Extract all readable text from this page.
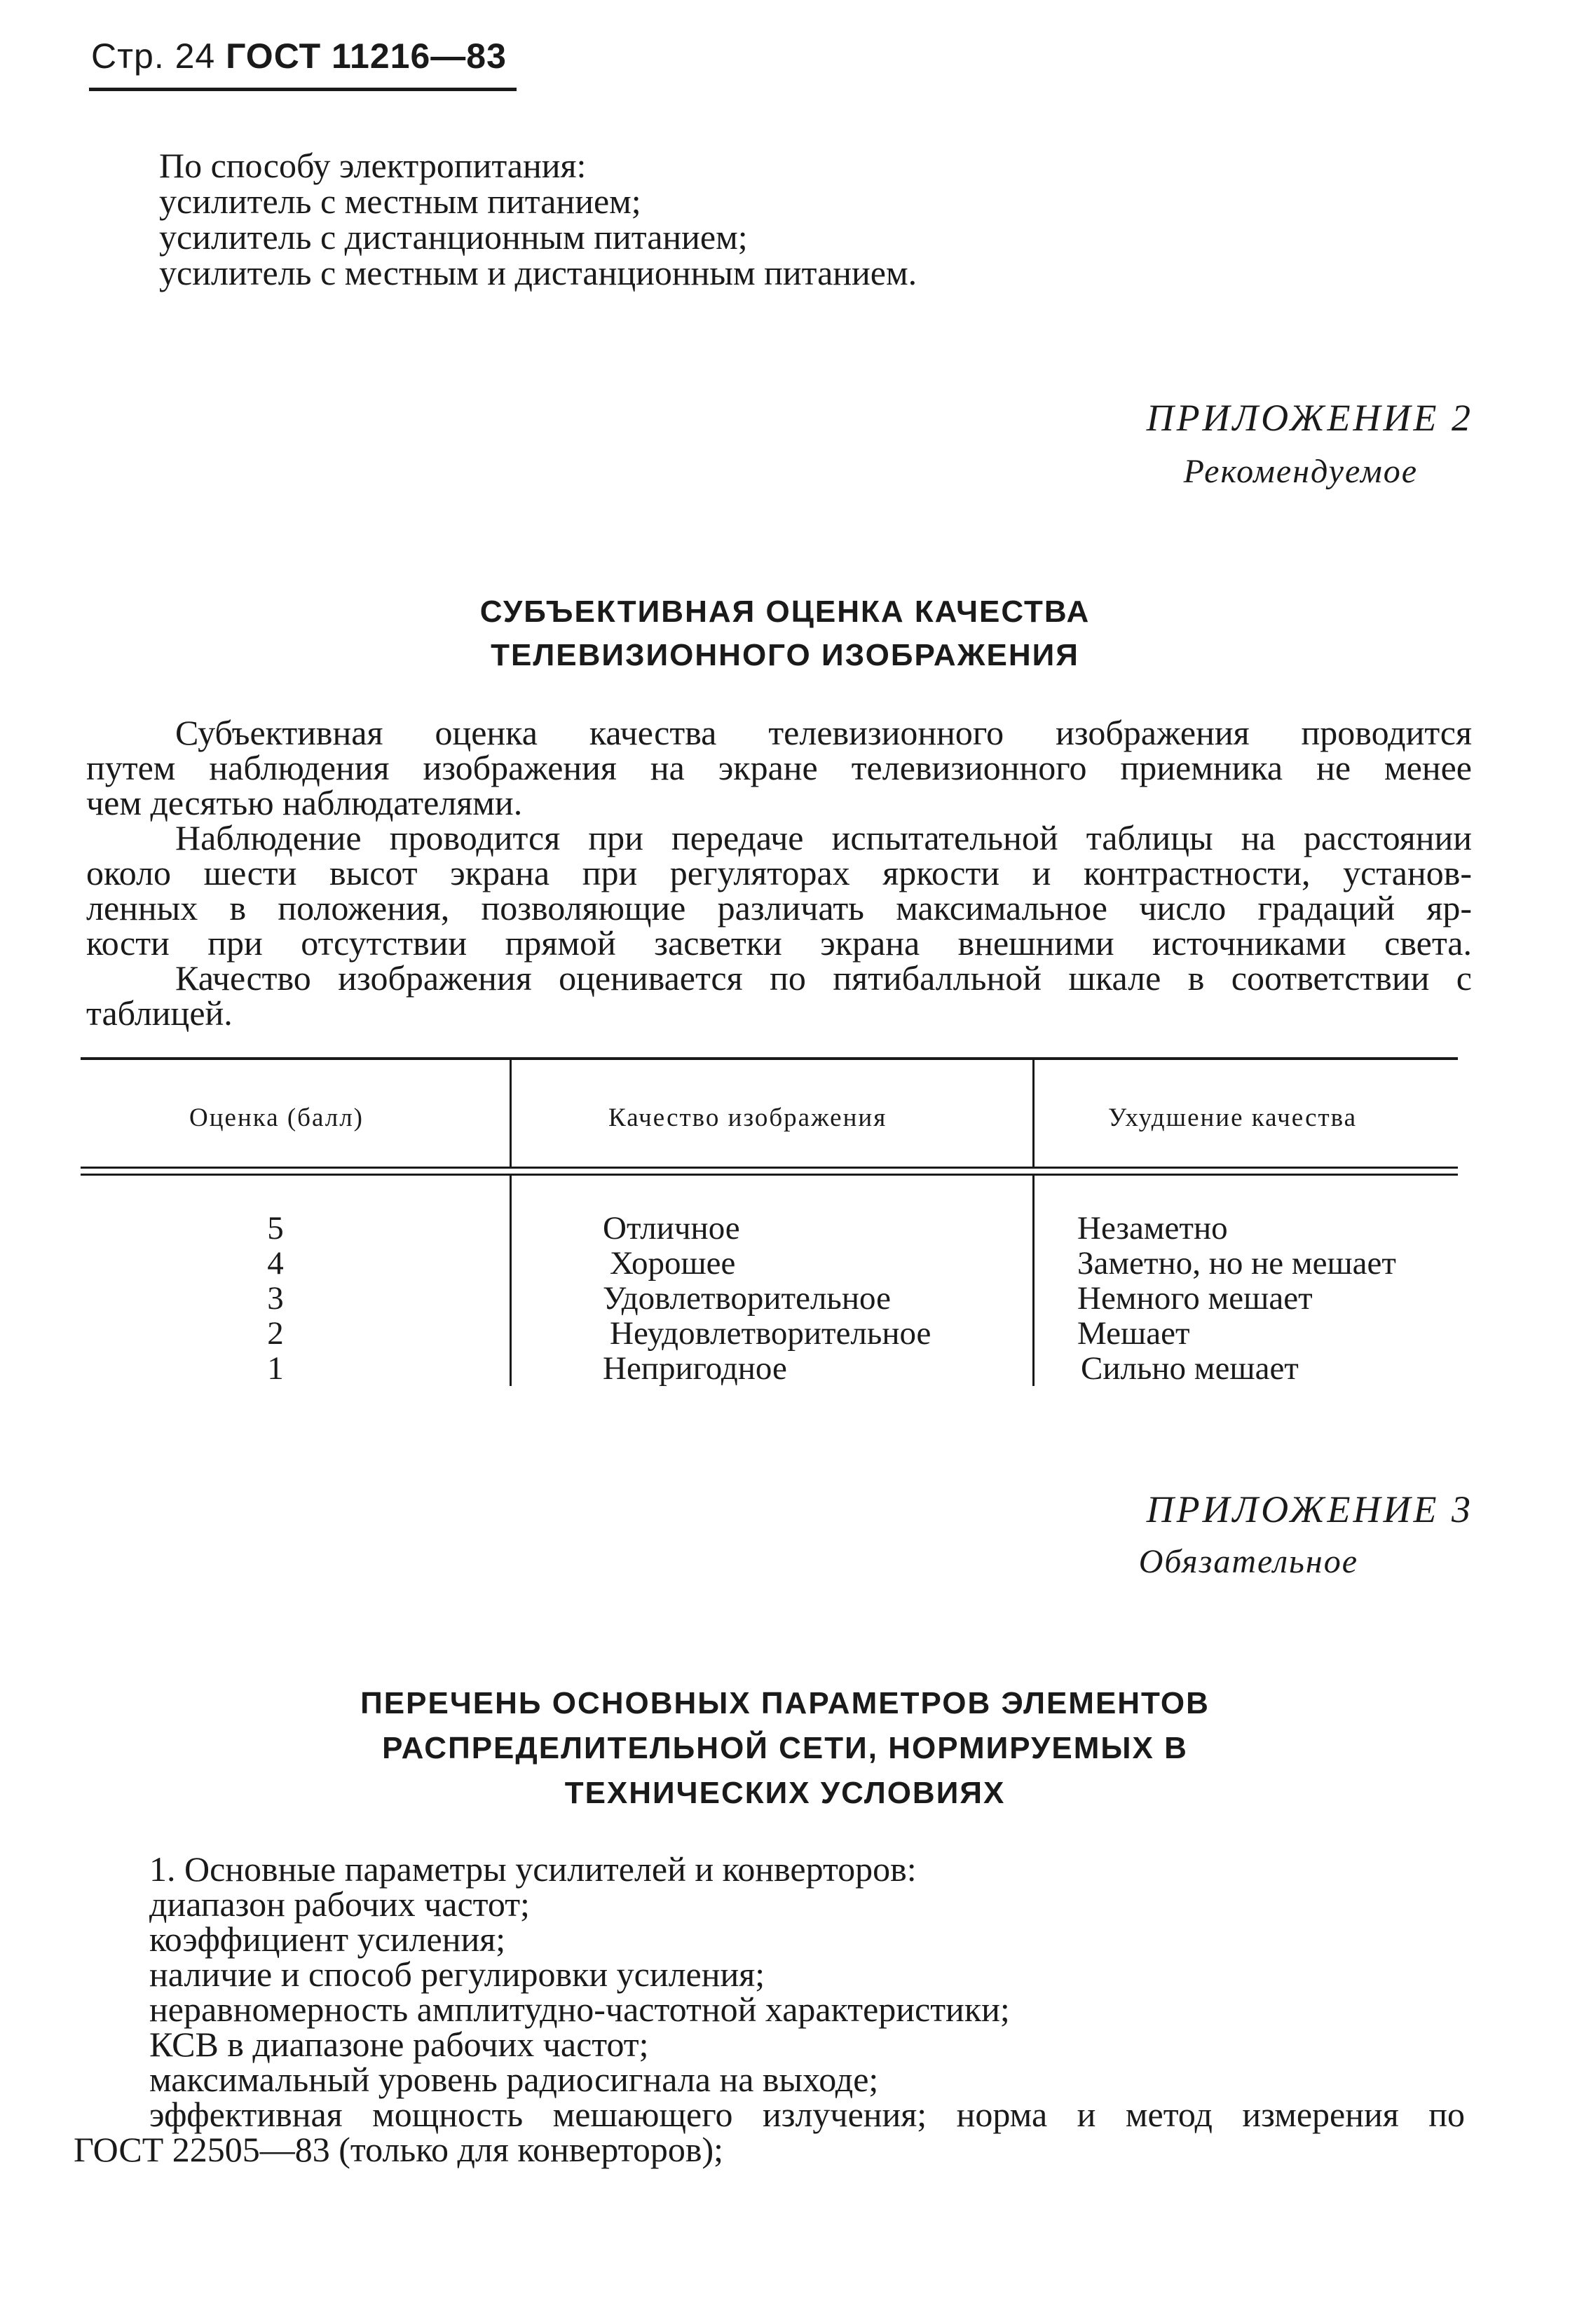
Стр. 24 ГОСТ 11216—83
По способу электропитания:
усилитель с местным питанием;
усилитель с дистанционным питанием;
усилитель с местным и дистанционным питанием.
ПРИЛОЖЕНИЕ 2
Рекомендуемое
СУБЪЕКТИВНАЯ ОЦЕНКА КАЧЕСТВА
ТЕЛЕВИЗИОННОГО ИЗОБРАЖЕНИЯ
Субъективная оценка качества телевизионного изображения проводится
путем наблюдения изображения на экране телевизионного приемника не менее
чем десятью наблюдателями.
Наблюдение проводится при передаче испытательной таблицы на расстоянии
около шести высот экрана при регуляторах яркости и контрастности, установ-
ленных в положения, позволяющие различать максимальное число градаций яр-
кости при отсутствии прямой засветки экрана внешними источниками света.
Качество изображения оценивается по пятибалльной шкале в соответствии с
таблицей.
Оценка (балл)	Качество изображения	Ухудшение качества
5	Отличное	Незаметно
4	Хорошее	Заметно, но не мешает
3	Удовлетворительное	Немного мешает
2	Неудовлетворительное	Мешает
1	Непригодное	Сильно мешает
ПРИЛОЖЕНИЕ 3
Обязательное
ПЕРЕЧЕНЬ ОСНОВНЫХ ПАРАМЕТРОВ ЭЛЕМЕНТОВ
РАСПРЕДЕЛИТЕЛЬНОЙ СЕТИ, НОРМИРУЕМЫХ В
ТЕХНИЧЕСКИХ УСЛОВИЯХ
1. Основные параметры усилителей и конверторов:
диапазон рабочих частот;
коэффициент усиления;
наличие и способ регулировки усиления;
неравномерность амплитудно-частотной характеристики;
КСВ в диапазоне рабочих частот;
максимальный уровень радиосигнала на выходе;
эффективная мощность мешающего излучения; норма и метод измерения по
ГОСТ 22505—83 (только для конверторов);
